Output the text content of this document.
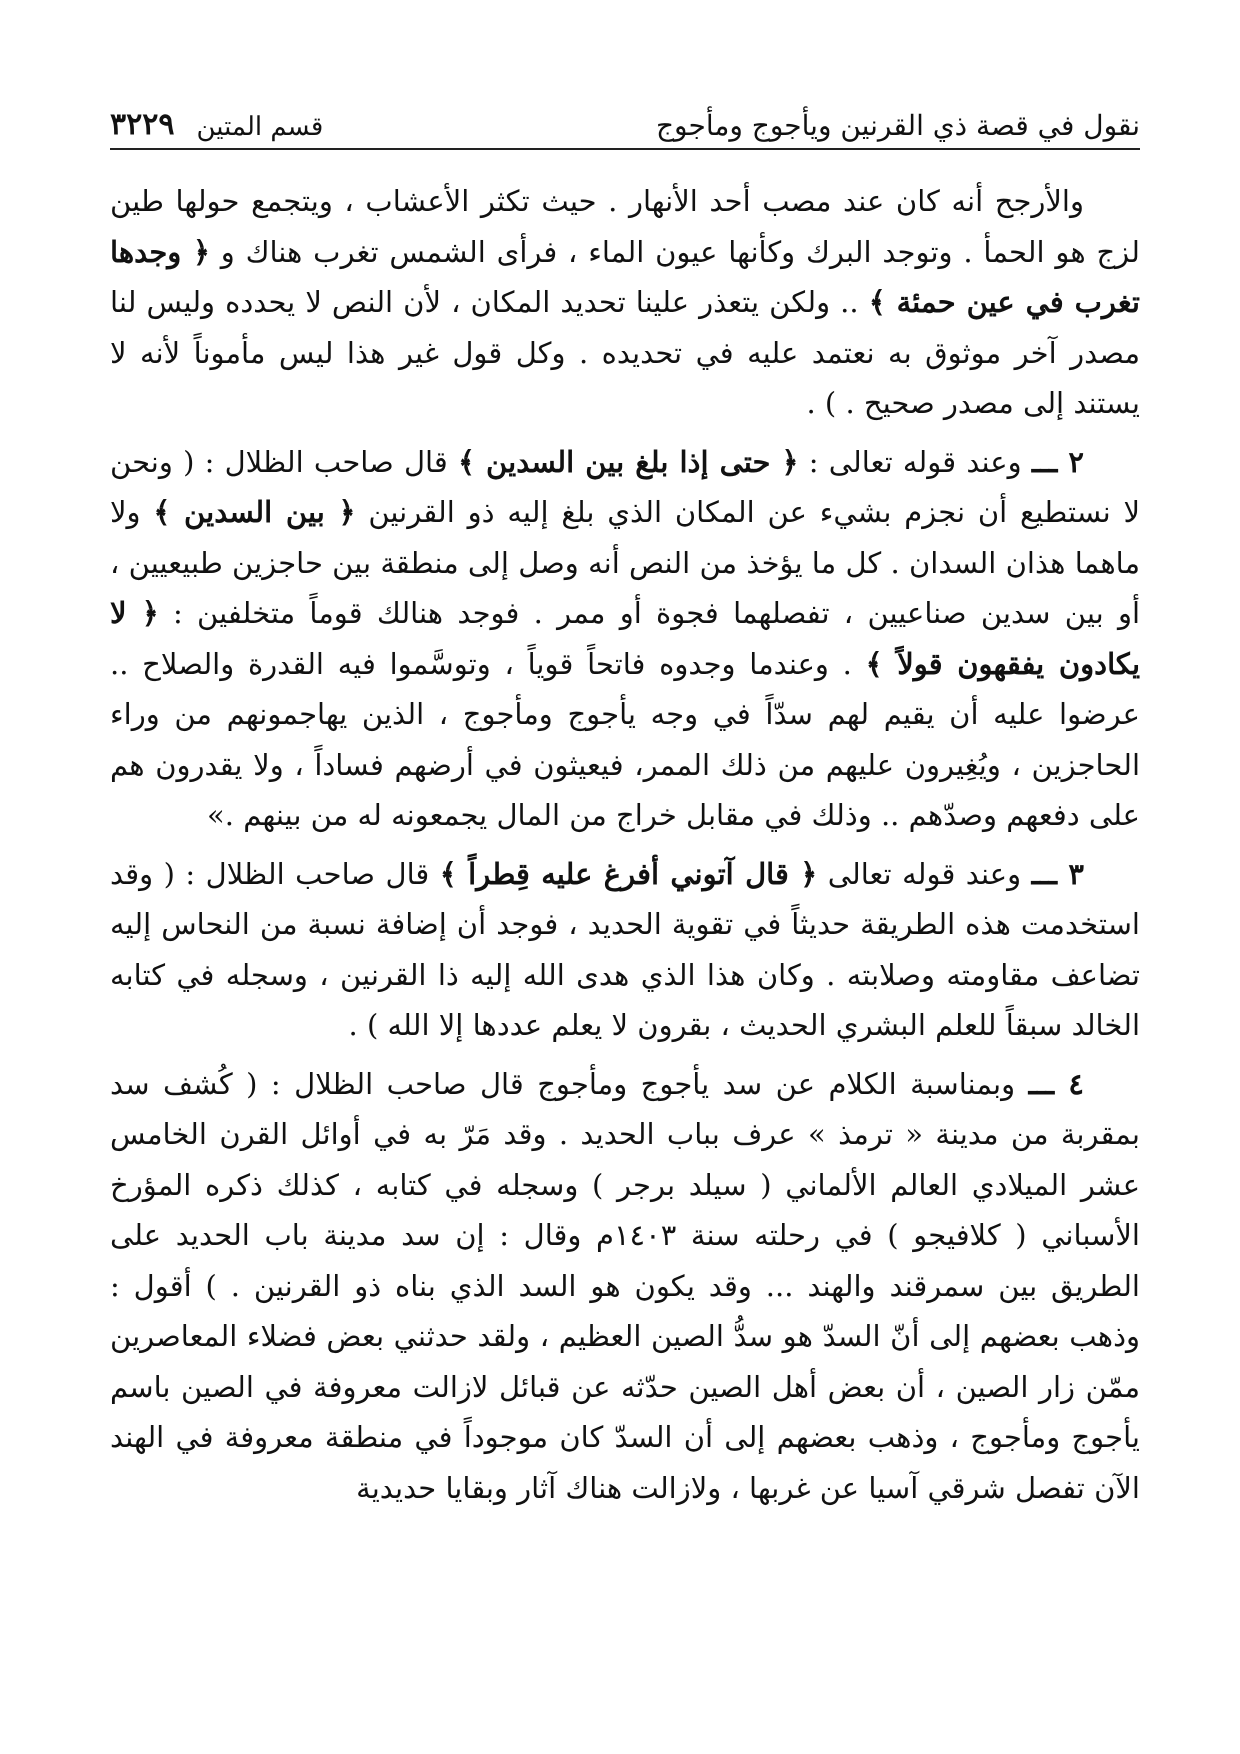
نقول في قصة ذي القرنين ويأجوج ومأجوج
قسم المتين
٣٢٢٩

والأرجح أنه كان عند مصب أحد الأنهار . حيث تكثر الأعشاب ، ويتجمع حولها طين لزج هو الحمأ . وتوجد البرك وكأنها عيون الماء ، فرأى الشمس تغرب هناك و ﴿ وجدها تغرب في عين حمئة ﴾ .. ولكن يتعذر علينا تحديد المكان ، لأن النص لا يحدده وليس لنا مصدر آخر موثوق به نعتمد عليه في تحديده . وكل قول غير هذا ليس مأموناً لأنه لا يستند إلى مصدر صحيح . ) .

٢ ـــ وعند قوله تعالى : ﴿ حتى إذا بلغ بين السدين ﴾ قال صاحب الظلال : ( ونحن لا نستطيع أن نجزم بشيء عن المكان الذي بلغ إليه ذو القرنين ﴿ بين السدين ﴾ ولا ماهما هذان السدان . كل ما يؤخذ من النص أنه وصل إلى منطقة بين حاجزين طبيعيين ، أو بين سدين صناعيين ، تفصلهما فجوة أو ممر . فوجد هنالك قوماً متخلفين : ﴿ لا يكادون يفقهون قولاً ﴾ . وعندما وجدوه فاتحاً قوياً ، وتوسَّموا فيه القدرة والصلاح .. عرضوا عليه أن يقيم لهم سدّاً في وجه يأجوج ومأجوج ، الذين يهاجمونهم من وراء الحاجزين ، ويُغِيرون عليهم من ذلك الممر، فيعيثون في أرضهم فساداً ، ولا يقدرون هم على دفعهم وصدّهم .. وذلك في مقابل خراج من المال يجمعونه له من بينهم .»

٣ ـــ وعند قوله تعالى ﴿ قال آتوني أفرغ عليه قِطراً ﴾ قال صاحب الظلال : ( وقد استخدمت هذه الطريقة حديثاً في تقوية الحديد ، فوجد أن إضافة نسبة من النحاس إليه تضاعف مقاومته وصلابته . وكان هذا الذي هدى الله إليه ذا القرنين ، وسجله في كتابه الخالد سبقاً للعلم البشري الحديث ، بقرون لا يعلم عددها إلا الله ) .

٤ ـــ وبمناسبة الكلام عن سد يأجوج ومأجوج قال صاحب الظلال : ( كُشف سد بمقربة من مدينة « ترمذ » عرف بباب الحديد . وقد مَرّ به في أوائل القرن الخامس عشر الميلادي العالم الألماني ( سيلد برجر ) وسجله في كتابه ، كذلك ذكره المؤرخ الأسباني ( كلافيجو ) في رحلته سنة ١٤٠٣م وقال : إن سد مدينة باب الحديد على الطريق بين سمرقند والهند ... وقد يكون هو السد الذي بناه ذو القرنين . ) أقول : وذهب بعضهم إلى أنّ السدّ هو سدُّ الصين العظيم ، ولقد حدثني بعض فضلاء المعاصرين ممّن زار الصين ، أن بعض أهل الصين حدّثه عن قبائل لازالت معروفة في الصين باسم يأجوج ومأجوج ، وذهب بعضهم إلى أن السدّ كان موجوداً في منطقة معروفة في الهند الآن تفصل شرقي آسيا عن غربها ، ولازالت هناك آثار وبقايا حديدية
